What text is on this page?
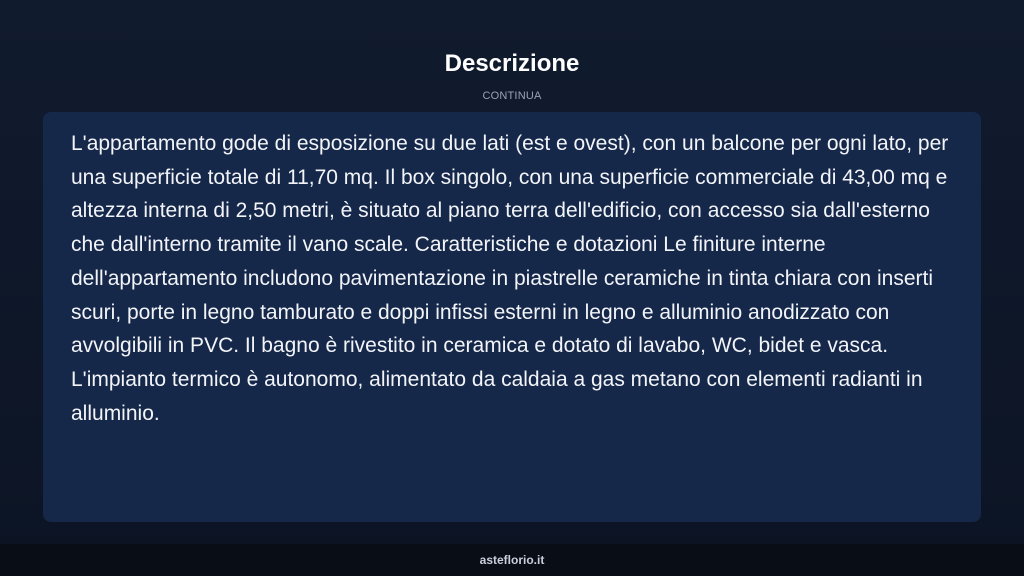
Descrizione
CONTINUA

L'appartamento gode di esposizione su due lati (est e ovest), con un balcone per ogni lato, per una superficie totale di 11,70 mq. Il box singolo, con una superficie commerciale di 43,00 mq e altezza interna di 2,50 metri, è situato al piano terra dell'edificio, con accesso sia dall'esterno che dall'interno tramite il vano scale. Caratteristiche e dotazioni Le finiture interne dell'appartamento includono pavimentazione in piastrelle ceramiche in tinta chiara con inserti scuri, porte in legno tamburato e doppi infissi esterni in legno e alluminio anodizzato con avvolgibili in PVC. Il bagno è rivestito in ceramica e dotato di lavabo, WC, bidet e vasca. L'impianto termico è autonomo, alimentato da caldaia a gas metano con elementi radianti in alluminio.

asteflorio.it
